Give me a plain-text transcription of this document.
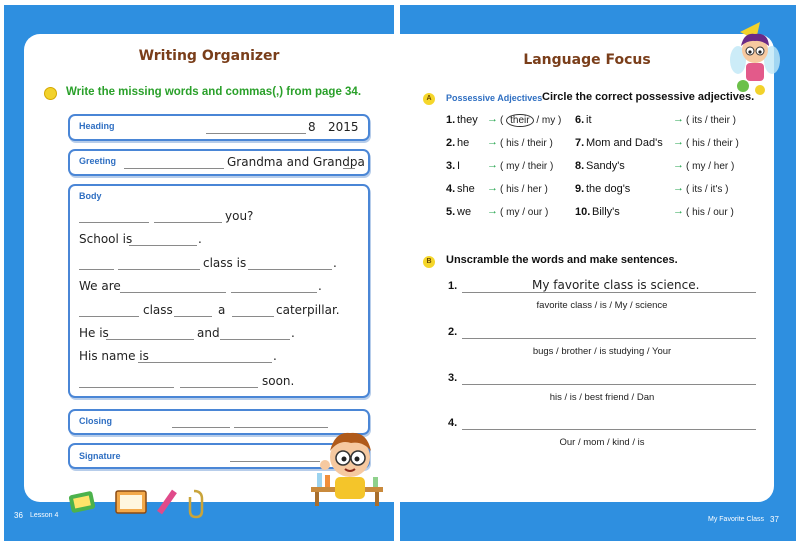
Writing Organizer
Write the missing words and commas(,) from page 34.
Heading	8 2015
Greeting	Grandma and Grandpa
Body
you?
School is	.
class is	.
We are	.
class	a	caterpillar.
He is	and	.
His name is	.
soon.
Closing
Signature
36 Lesson 4
Language Focus
A	Possessive Adjectives Circle the correct possessive adjectives.
1. they → ( their / my )
2. he → ( his / their )
3. I → ( my / their )
4. she → ( his / her )
5. we → ( my / our )
6. it	→ ( its / their )
7. Mom and Dad's → ( his / their )
8. Sandy's	→ ( my / her )
9. the dog's	→ ( its / it's )
10. Billy's	→ ( his / our )
B	Unscramble the words and make sentences.
1.	My favorite class is science.
favorite class / is / My / science
2.
bugs / brother / is studying / Your
3.
his / is / best friend / Dan
4.
Our / mom / kind / is
My Favorite Class 37
